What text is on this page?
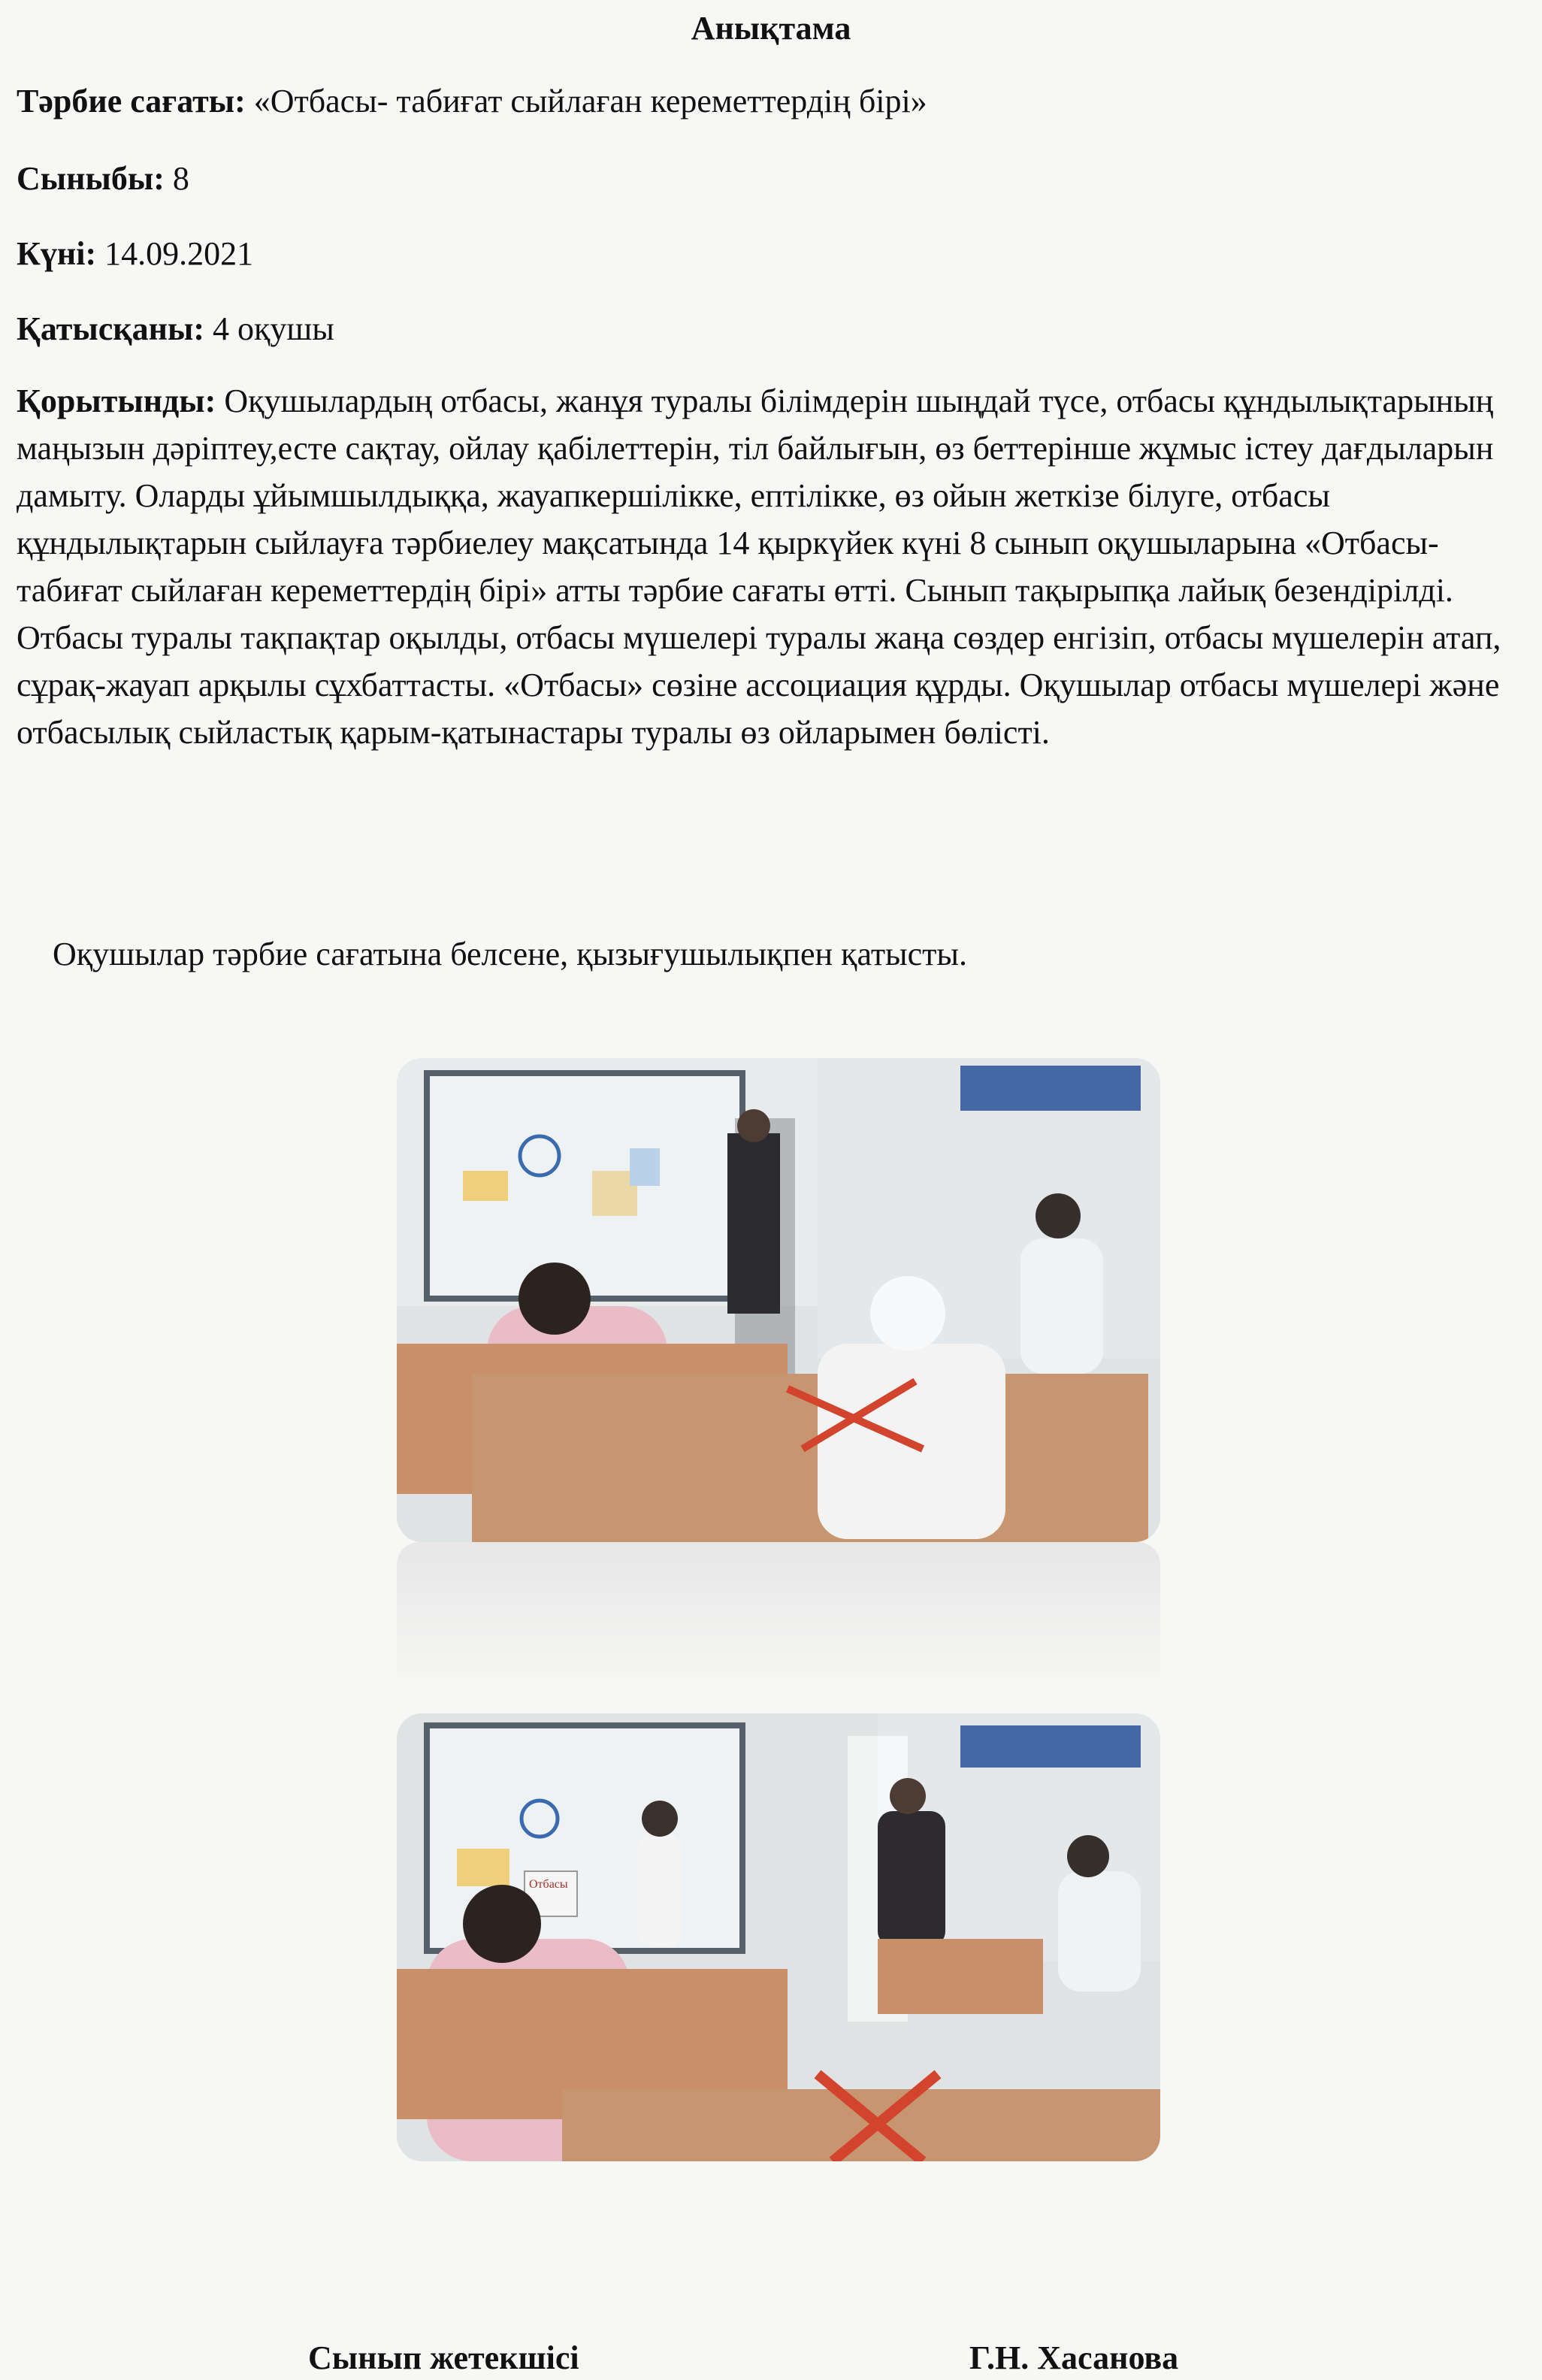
Анықтама
Тәрбие сағаты: «Отбасы- табиғат сыйлаған кереметтердің бірі»
Сыныбы: 8
Күні: 14.09.2021
Қатысқаны: 4 оқушы
Қорытынды: Оқушылардың отбасы, жанұя туралы білімдерін шыңдай түсе, отбасы құндылықтарының маңызын дәріптеу,есте сақтау, ойлау қабілеттерін, тіл байлығын, өз беттерінше жұмыс істеу дағдыларын дамыту. Оларды ұйымшылдыққа, жауапкершілікке, ептілікке, өз ойын жеткізе білуге, отбасы құндылықтарын сыйлауға тәрбиелеу мақсатында 14 қыркүйек күні 8 сынып оқушыларына «Отбасы- табиғат сыйлаған кереметтердің бірі» атты тәрбие сағаты өтті. Сынып тақырыпқа лайық безендірілді. Отбасы туралы тақпақтар оқылды, отбасы мүшелері туралы жаңа сөздер енгізіп, отбасы мүшелерін атап, сұрақ-жауап арқылы сұхбаттасты. «Отбасы» сөзіне ассоциация құрды. Оқушылар отбасы мүшелері және отбасылық сыйластық қарым-қатынастары туралы өз ойларымен бөлісті.
Оқушылар тәрбие сағатына белсене, қызығушылықпен қатысты.
Отбасы
Сынып жетекшісі	Г.Н. Хасанова
